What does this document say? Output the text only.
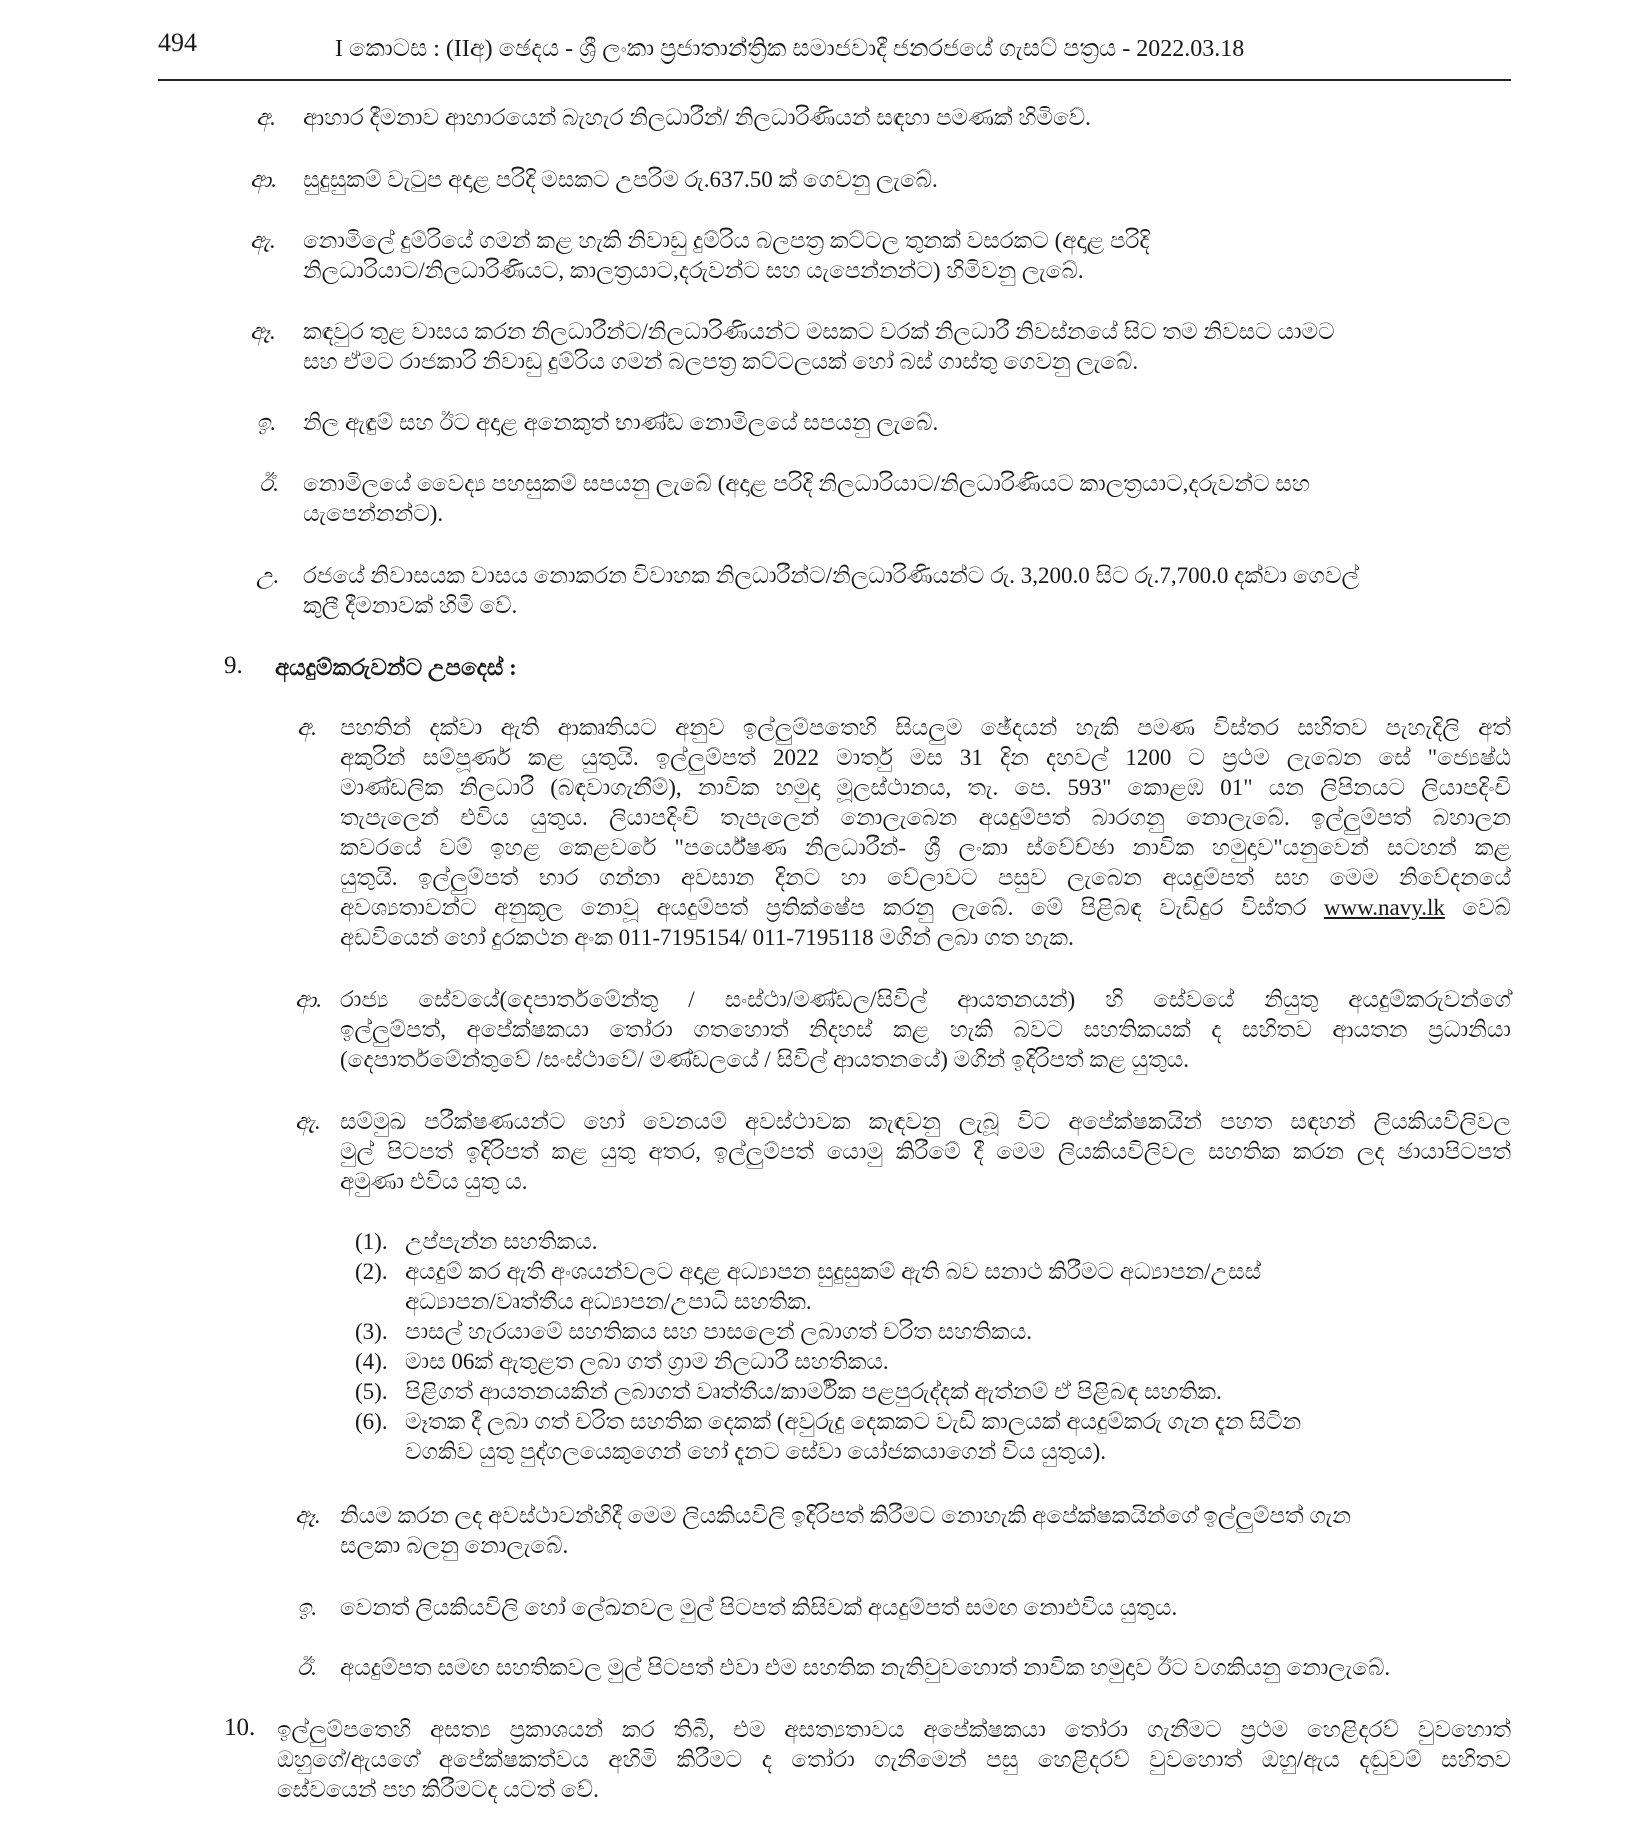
494	I කොටස : (IIඅ) ඡෙදය - ශ්‍රී ලංකා ප්‍රජාතාන්ත්‍රික සමාජවාදී ජනරජයේ ගැසට් පත්‍රය - 2022.03.18
අ. ආහාර දීමනාව ආහාරයෙන් බැහැර නිලධාරීන්/ නිලධාරිණියන් සඳහා පමණක් හිමිවේ.
ආ. සුදුසුකම් වැටුප අදාළ පරිදි මසකට උපරිම රු.637.50 ක් ගෙවනු ලැබේ.
ඇ. නොමිලේ දුම්රියේ ගමන් කළ හැකි නිවාඩු දුම්රිය බලපත්‍ර කට්ටල තුනක් වසරකට (අදාළ පරිදි
නිලධාරියාට/නිලධාරිණියට, කාලත්‍රයාට,දරුවන්ට සහ යැපෙන්නන්ට) හිමිවනු ලැබේ.
ඈ. කඳවුර තුළ වාසය කරන නිලධාරීන්ට/නිලධාරිණියන්ට මසකට වරක් නිලධාරී නිවස්නයේ සිට තම නිවසට යාමට
සහ ඒමට රාජකාරි නිවාඩු දුම්රිය ගමන් බලපත්‍ර කට්ටලයක් හෝ බස් ගාස්තු ගෙවනු ලැබේ.
ඉ. නිල ඇඳුම් සහ ඊට අදාළ අනෙකුත් භාණ්ඩ නොමිලයේ සපයනු ලැබේ.
ඊ. නොමිලයේ වෛද්‍ය පහසුකම් සපයනු ලැබේ (අදාළ පරිදි නිලධාරියාට/නිලධාරිණියට කාලත්‍රයාට,දරුවන්ට සහ
යැපෙන්නන්ට).
උ. රජයේ නිවාසයක වාසය නොකරන විවාහක නිලධාරීන්ට/නිලධාරිණියන්ට රු. 3,200.0 සිට රු.7,700.0 දක්වා ගෙවල්
කුලී දීමනාවක් හිමි වේ.
9. අයදුම්කරුවන්ට උපදෙස් :
අ. පහතින් දක්වා ඇති ආකෘතියට අනුව ඉල්ලුම්පතෙහි සියලුම ඡේදයන් හැකි පමණ විස්තර සහිතව පැහැදිලි අත්
අකුරින් සම්පූර්ණ කළ යුතුයි. ඉල්ලුම්පත් 2022 මාර්තු මස 31 දින දහවල් 1200 ට ප්‍රථම ලැබෙන සේ "ජ්‍යෙෂ්ඨ
මාණ්ඩලික නිලධාරී (බඳවාගැනීම්), නාවික හමුදා මූලස්ථානය, තැ. පෙ. 593" කොළඹ 01" යන ලිපිනයට ලියාපදිංචි
තැපැලෙන් එවිය යුතුය. ලියාපදිංචි තැපැලෙන් නොලැබෙන අයදුම්පත් බාරගනු නොලැබේ. ඉල්ලුම්පත් බහාලන
කවරයේ වම් ඉහළ කෙළවරේ "පර්යේෂණ නිලධාරීන්- ශ්‍රී ලංකා ස්වේච්ඡා නාවික හමුදාව"යනුවෙන් සටහන් කළ
යුතුයි. ඉල්ලුම්පත් භාර ගන්නා අවසාන දිනට හා වේලාවට පසුව ලැබෙන අයදුම්පත් සහ මෙම නිවේදනයේ
අවශ්‍යතාවන්ට අනුකූල නොවූ අයදුම්පත් ප්‍රතික්ෂේප කරනු ලැබේ. මේ පිළිබඳ වැඩිදුර විස්තර www.navy.lk වෙබ්
අඩවියෙන් හෝ දුරකථන අංක 011-7195154/ 011-7195118 මගින් ලබා ගත හැක.
ආ. රාජ්‍ය සේවයේ(දෙපාර්තමේන්තු / සංස්ථා/මණ්ඩල/සිවිල් ආයතනයන්) හි සේවයේ නියුතු අයදුම්කරුවන්ගේ
ඉල්ලුම්පත්, අපේක්ෂකයා තෝරා ගතහොත් නිදහස් කළ හැකි බවට සහතිකයක් ද සහිතව ආයතන ප්‍රධානියා
(දෙපාර්තමේන්තුවේ /සංස්ථාවේ/ මණ්ඩලයේ / සිවිල් ආයතනයේ) මගින් ඉදිරිපත් කළ යුතුය.
ඇ. සම්මුඛ පරීක්ෂණයන්ට හෝ වෙනයම් අවස්ථාවක කැඳවනු ලැබූ විට අපේක්ෂකයින් පහත සඳහන් ලියකියවිලිවල
මුල් පිටපත් ඉදිරිපත් කළ යුතු අතර, ඉල්ලුම්පත් යොමු කිරීමේ දී මෙම ලියකියවිලිවල සහතික කරන ලද ඡායාපිටපත්
අමුණා එවිය යුතු ය.
(1). උප්පැන්න සහතිකය.
(2). අයදුම් කර ඇති අංශයන්වලට අදාළ අධ්‍යාපන සුදුසුකම් ඇති බව සනාථ කිරීමට අධ්‍යාපන/උසස්
අධ්‍යාපන/වෘත්තීය අධ්‍යාපන/උපාධි සහතික.
(3). පාසල් හැරයාමේ සහතිකය සහ පාසලෙන් ලබාගත් චරිත සහතිකය.
(4). මාස 06ක් ඇතුළත ලබා ගත් ග්‍රාම නිලධාරී සහතිකය.
(5). පිළිගත් ආයතනයකින් ලබාගත් වෘත්තීය/කාර්මික පළපුරුද්දක් ඇත්නම් ඒ පිළිබඳ සහතික.
(6). මෑතක දී ලබා ගත් චරිත සහතික දෙකක් (අවුරුදු දෙකකට වැඩි කාලයක් අයදුම්කරු ගැන දැන සිටින
වගකිව යුතු පුද්ගලයෙකුගෙන් හෝ දැනට සේවා යෝජකයාගෙන් විය යුතුය).
ඈ. නියම කරන ලද අවස්ථාවන්හිදී මෙම ලියකියවිලි ඉදිරිපත් කිරීමට නොහැකි අපේක්ෂකයින්ගේ ඉල්ලුම්පත් ගැන
සලකා බලනු නොලැබේ.
ඉ. වෙනත් ලියකියවිලි හෝ ලේඛනවල මුල් පිටපත් කිසිවක් අයදුම්පත් සමඟ නොඑවිය යුතුය.
ඊ. අයදුම්පත සමඟ සහතිකවල මුල් පිටපත් එවා එම සහතික නැතිවුවහොත් නාවික හමුදාව ඊට වගකියනු නොලැබේ.
10. ඉල්ලුම්පතෙහි අසත්‍ය ප්‍රකාශයන් කර තිබී, එම අසත්‍යතාවය අපේක්ෂකයා තෝරා ගැනීමට ප්‍රථම හෙළිදරව් වුවහොත්
ඔහුගේ/ඇයගේ අපේක්ෂකත්වය අහිමි කිරීමට ද තෝරා ගැනීමෙන් පසු හෙළිදරව් වුවහොත් ඔහු/ඇය දඬුවම් සහිතව
සේවයෙන් පහ කිරීමටද යටත් වේ.
